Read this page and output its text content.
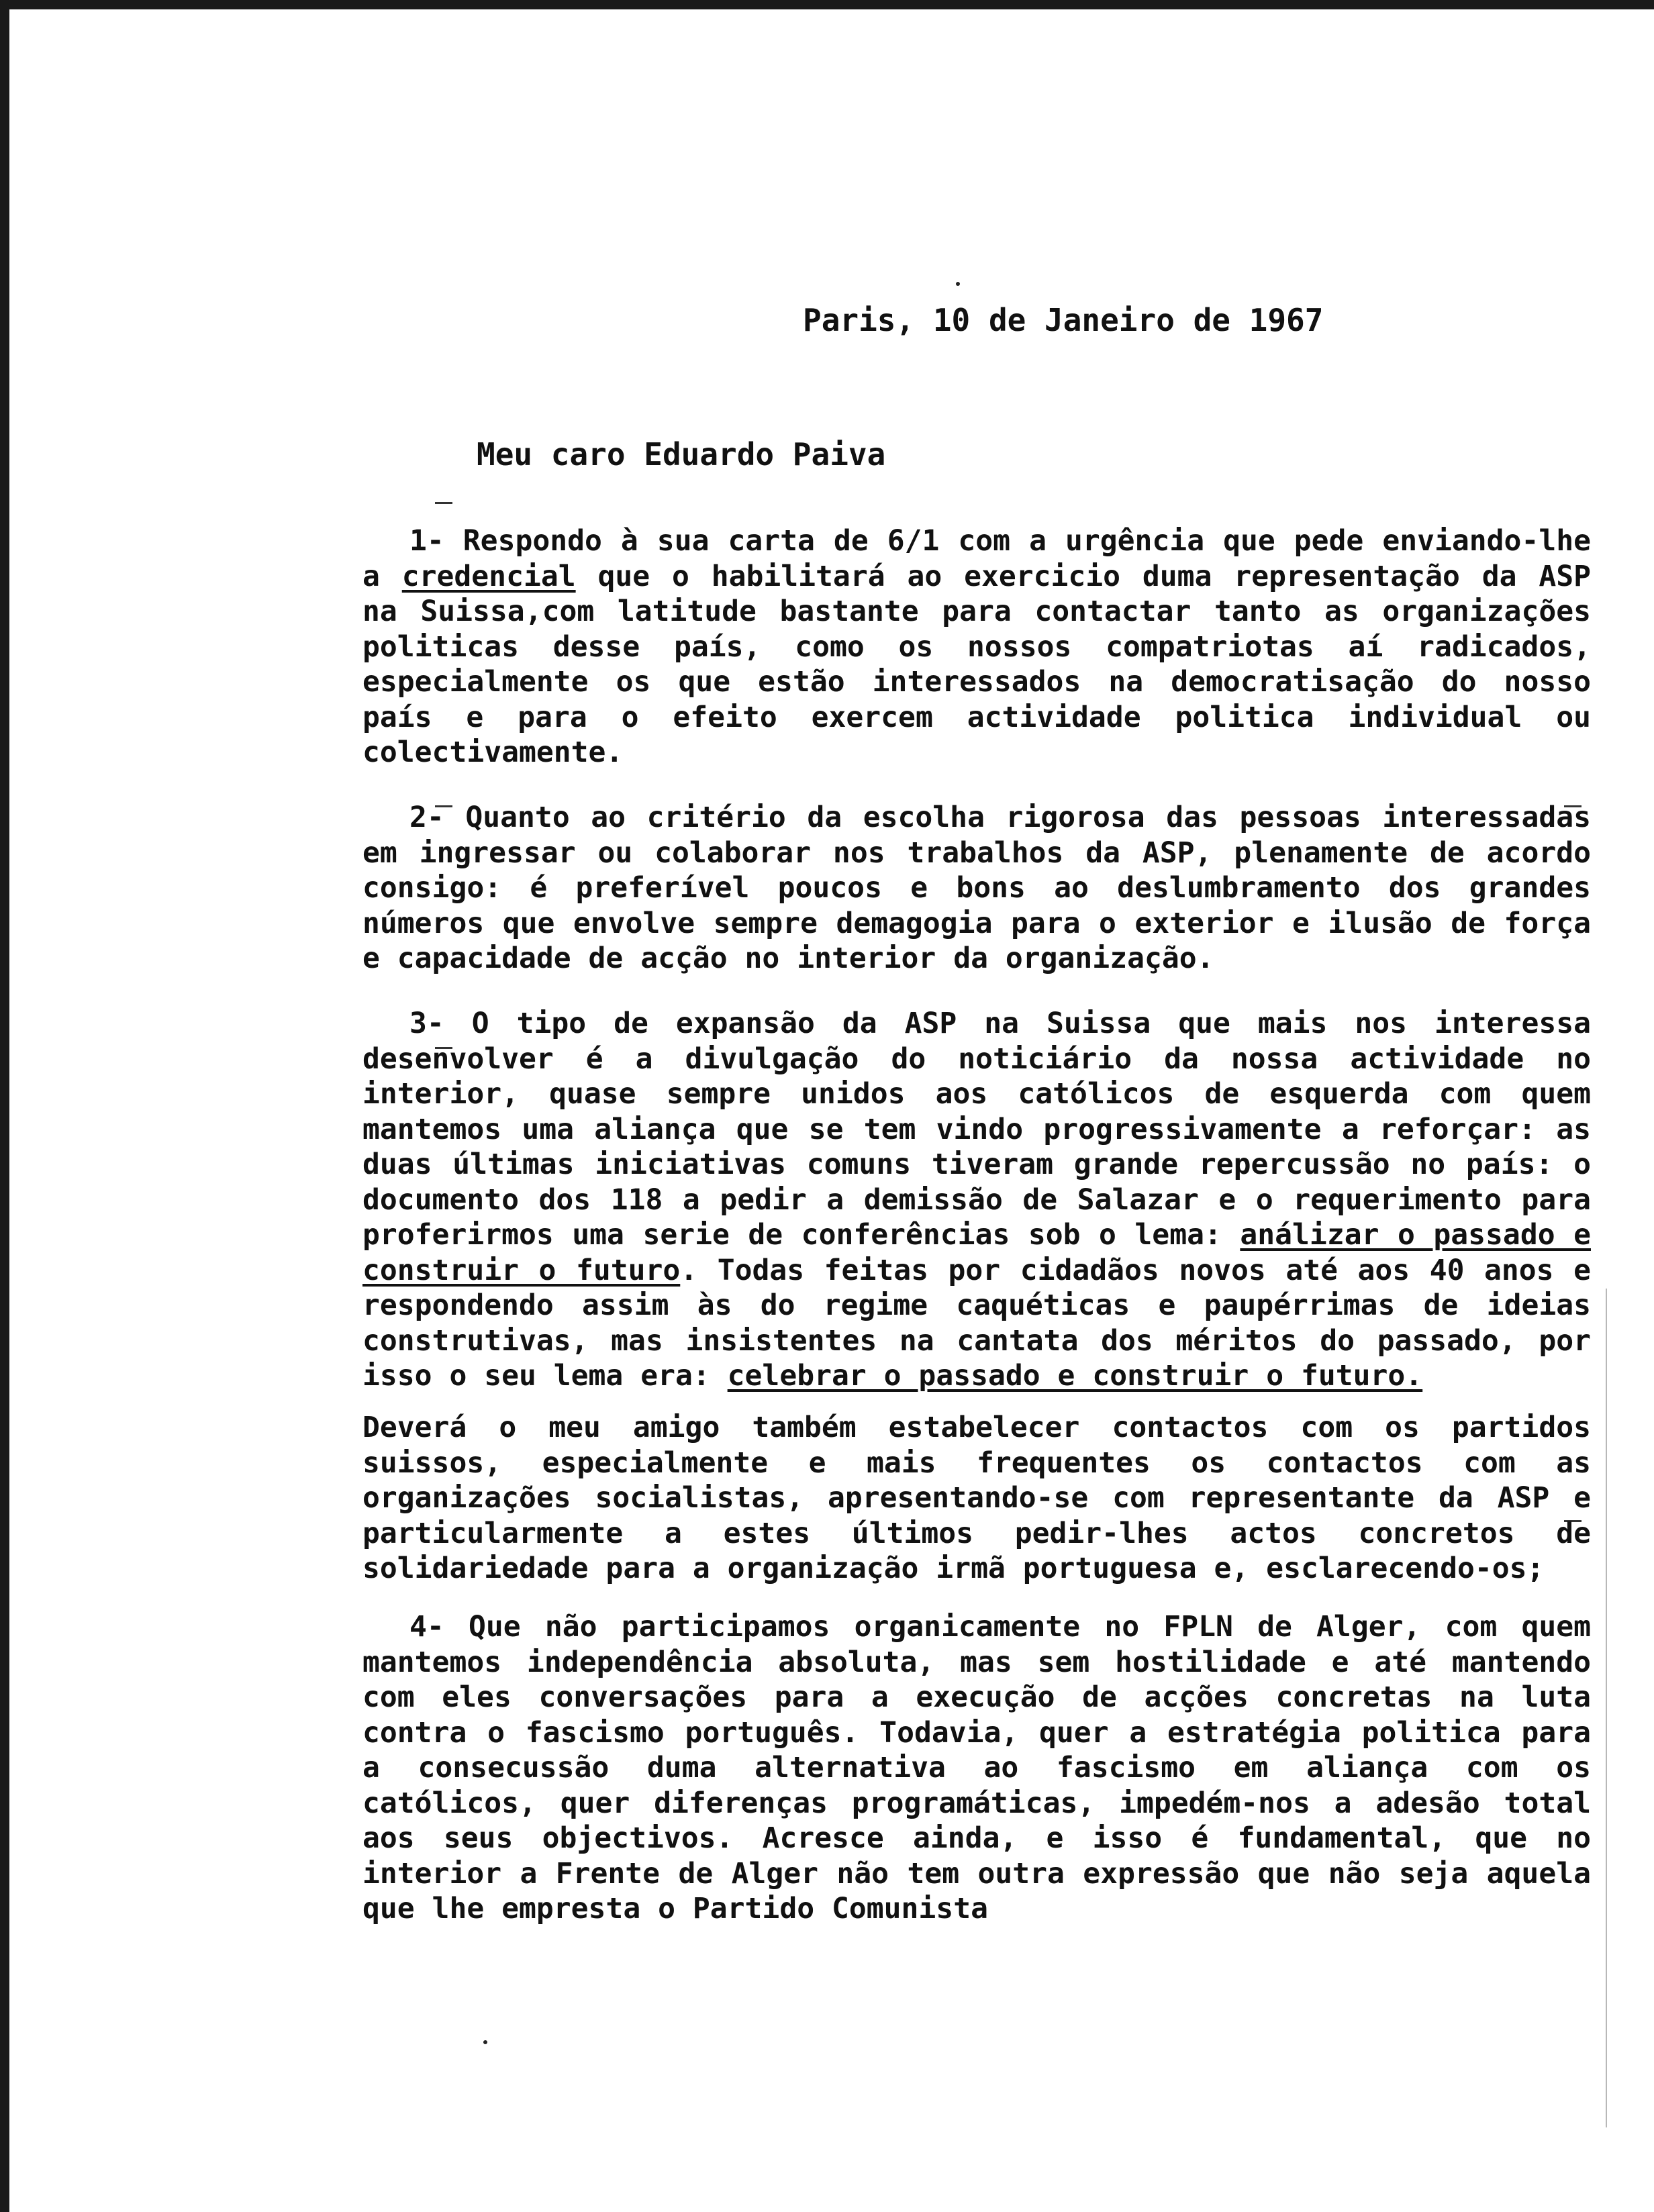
Paris, 10 de Janeiro de 1967
Meu caro Eduardo Paiva

1- Respondo à sua carta de 6/1 com a urgência que pede enviando-lhe a credencial que o habilitará ao exercicio duma representação da ASP na Suissa,com latitude bastante para contactar tanto as organizações politicas desse país, como os nossos compatriotas aí radicados, especialmente os que estão interessados na democratisação do nosso país e para o efeito exercem actividade politica individual ou colectivamente.

2- Quanto ao critério da escolha rigorosa das pessoas interessadas em ingressar ou colaborar nos trabalhos da ASP, plenamente de acordo consigo: é preferível poucos e bons ao deslumbramento dos grandes números que envolve sempre demagogia para o exterior e ilusão de força e capacidade de acção no interior da organização.

3- O tipo de expansão da ASP na Suissa que mais nos interessa desenvolver é a divulgação do noticiário da nossa actividade no interior, quase sempre unidos aos católicos de esquerda com quem mantemos uma aliança que se tem vindo progressivamente a reforçar: as duas últimas iniciativas comuns tiveram grande repercussão no país: o documento dos 118 a pedir a demissão de Salazar e o requerimento para proferirmos uma serie de conferências sob o lema: análizar o passado e construir o futuro. Todas feitas por cidadãos novos até aos 40 anos e respondendo assim às do regime caquéticas e paupérrimas de ideias construtivas, mas insistentes na cantata dos méritos do passado, por isso o seu lema era: celebrar o passado e construir o futuro.

Deverá o meu amigo também estabelecer contactos com os partidos suissos, especialmente e mais frequentes os contactos com as organizações socialistas, apresentando-se com representante da ASP e particularmente a estes últimos pedir-lhes actos concretos de solidariedade para a organização irmã portuguesa e, esclarecendo-os;

4- Que não participamos organicamente no FPLN de Alger, com quem mantemos independência absoluta, mas sem hostilidade e até mantendo com eles conversações para a execução de acções concretas na luta contra o fascismo português. Todavia, quer a estratégia politica para a consecussão duma alternativa ao fascismo em aliança com os católicos, quer diferenças programáticas, impedém-nos a adesão total aos seus objectivos. Acresce ainda, e isso é fundamental, que no interior a Frente de Alger não tem outra expressão que não seja aquela que lhe empresta o Partido Comunista
